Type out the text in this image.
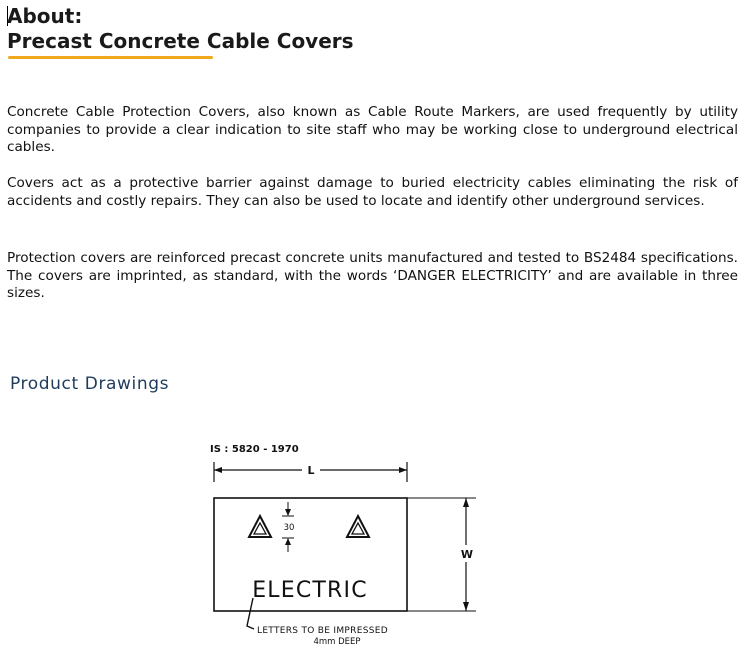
About:
Precast Concrete Cable Covers

Concrete Cable Protection Covers, also known as Cable Route Markers, are used frequently by utility companies to provide a clear indication to site staff who may be working close to underground electrical cables.

Covers act as a protective barrier against damage to buried electricity cables eliminating the risk of accidents and costly repairs. They can also be used to locate and identify other underground services.

Protection covers are reinforced precast concrete units manufactured and tested to BS2484 specifications. The covers are imprinted, as standard, with the words ‘DANGER ELECTRICITY’ and are available in three sizes.

Product Drawings
IS : 5820 - 1970
L
W
30
ELECTRIC
LETTERS TO BE IMPRESSED
4mm DEEP
